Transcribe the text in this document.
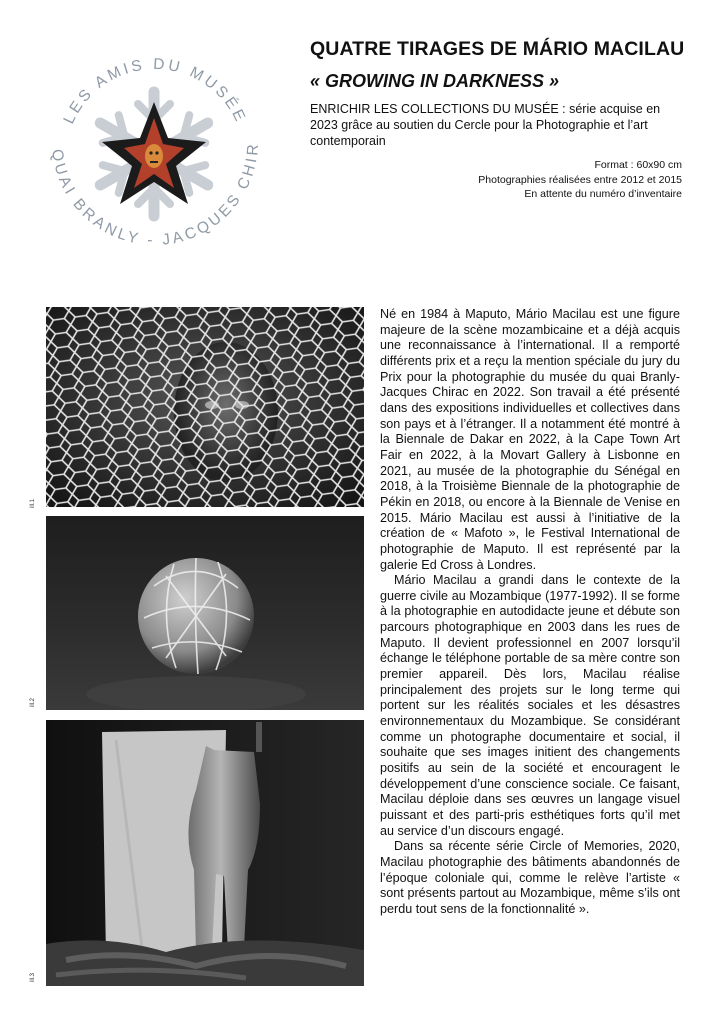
LES AMIS DU MUSÉE
QUAI BRANLY - JACQUES CHIR
QUATRE TIRAGES DE MÁRIO MACILAU
« GROWING IN DARKNESS »

ENRICHIR LES COLLECTIONS DU MUSÉE : série acquise en 2023 grâce au soutien du Cercle pour la Photographie et l’art contemporain

Format : 60x90 cm
Photographies réalisées entre 2012 et 2015
En attente du numéro d’inventaire
ill.1
ill.2
ill.3

Né en 1984 à Maputo, Mário Macilau est une figure majeure de la scène mozambicaine et a déjà acquis une reconnaissance à l’international. Il a remporté différents prix et a reçu la mention spéciale du jury du Prix pour la photographie du musée du quai Branly-Jacques Chirac en 2022. Son travail a été présenté dans des expositions individuelles et collectives dans son pays et à l’étranger. Il a notamment été montré à la Biennale de Dakar en 2022, à la Cape Town Art Fair en 2022, à la Movart Gallery à Lisbonne en 2021, au musée de la photographie du Sénégal en 2018, à la Troisième Biennale de la photographie de Pékin en 2018, ou encore à la Biennale de Venise en 2015. Mário Macilau est aussi à l’initiative de la création de « Mafoto », le Festival International de photographie de Maputo. Il est représenté par la galerie Ed Cross à Londres.

Mário Macilau a grandi dans le contexte de la guerre civile au Mozambique (1977-1992). Il se forme à la photographie en autodidacte jeune et débute son parcours photographique en 2003 dans les rues de Maputo. Il devient professionnel en 2007 lorsqu’il échange le téléphone portable de sa mère contre son premier appareil. Dès lors, Macilau réalise principalement des projets sur le long terme qui portent sur les réalités sociales et les désastres environnementaux du Mozambique. Se considérant comme un photographe documentaire et social, il souhaite que ses images initient des changements positifs au sein de la société et encouragent le développement d’une conscience sociale. Ce faisant, Macilau déploie dans ses œuvres un langage visuel puissant et des parti-pris esthétiques forts qu’il met au service d’un discours engagé.

Dans sa récente série Circle of Memories, 2020, Macilau photographie des bâtiments abandonnés de l’époque coloniale qui, comme le relève l’artiste « sont présents partout au Mozambique, même s’ils ont perdu tout sens de la fonctionnalité ».
